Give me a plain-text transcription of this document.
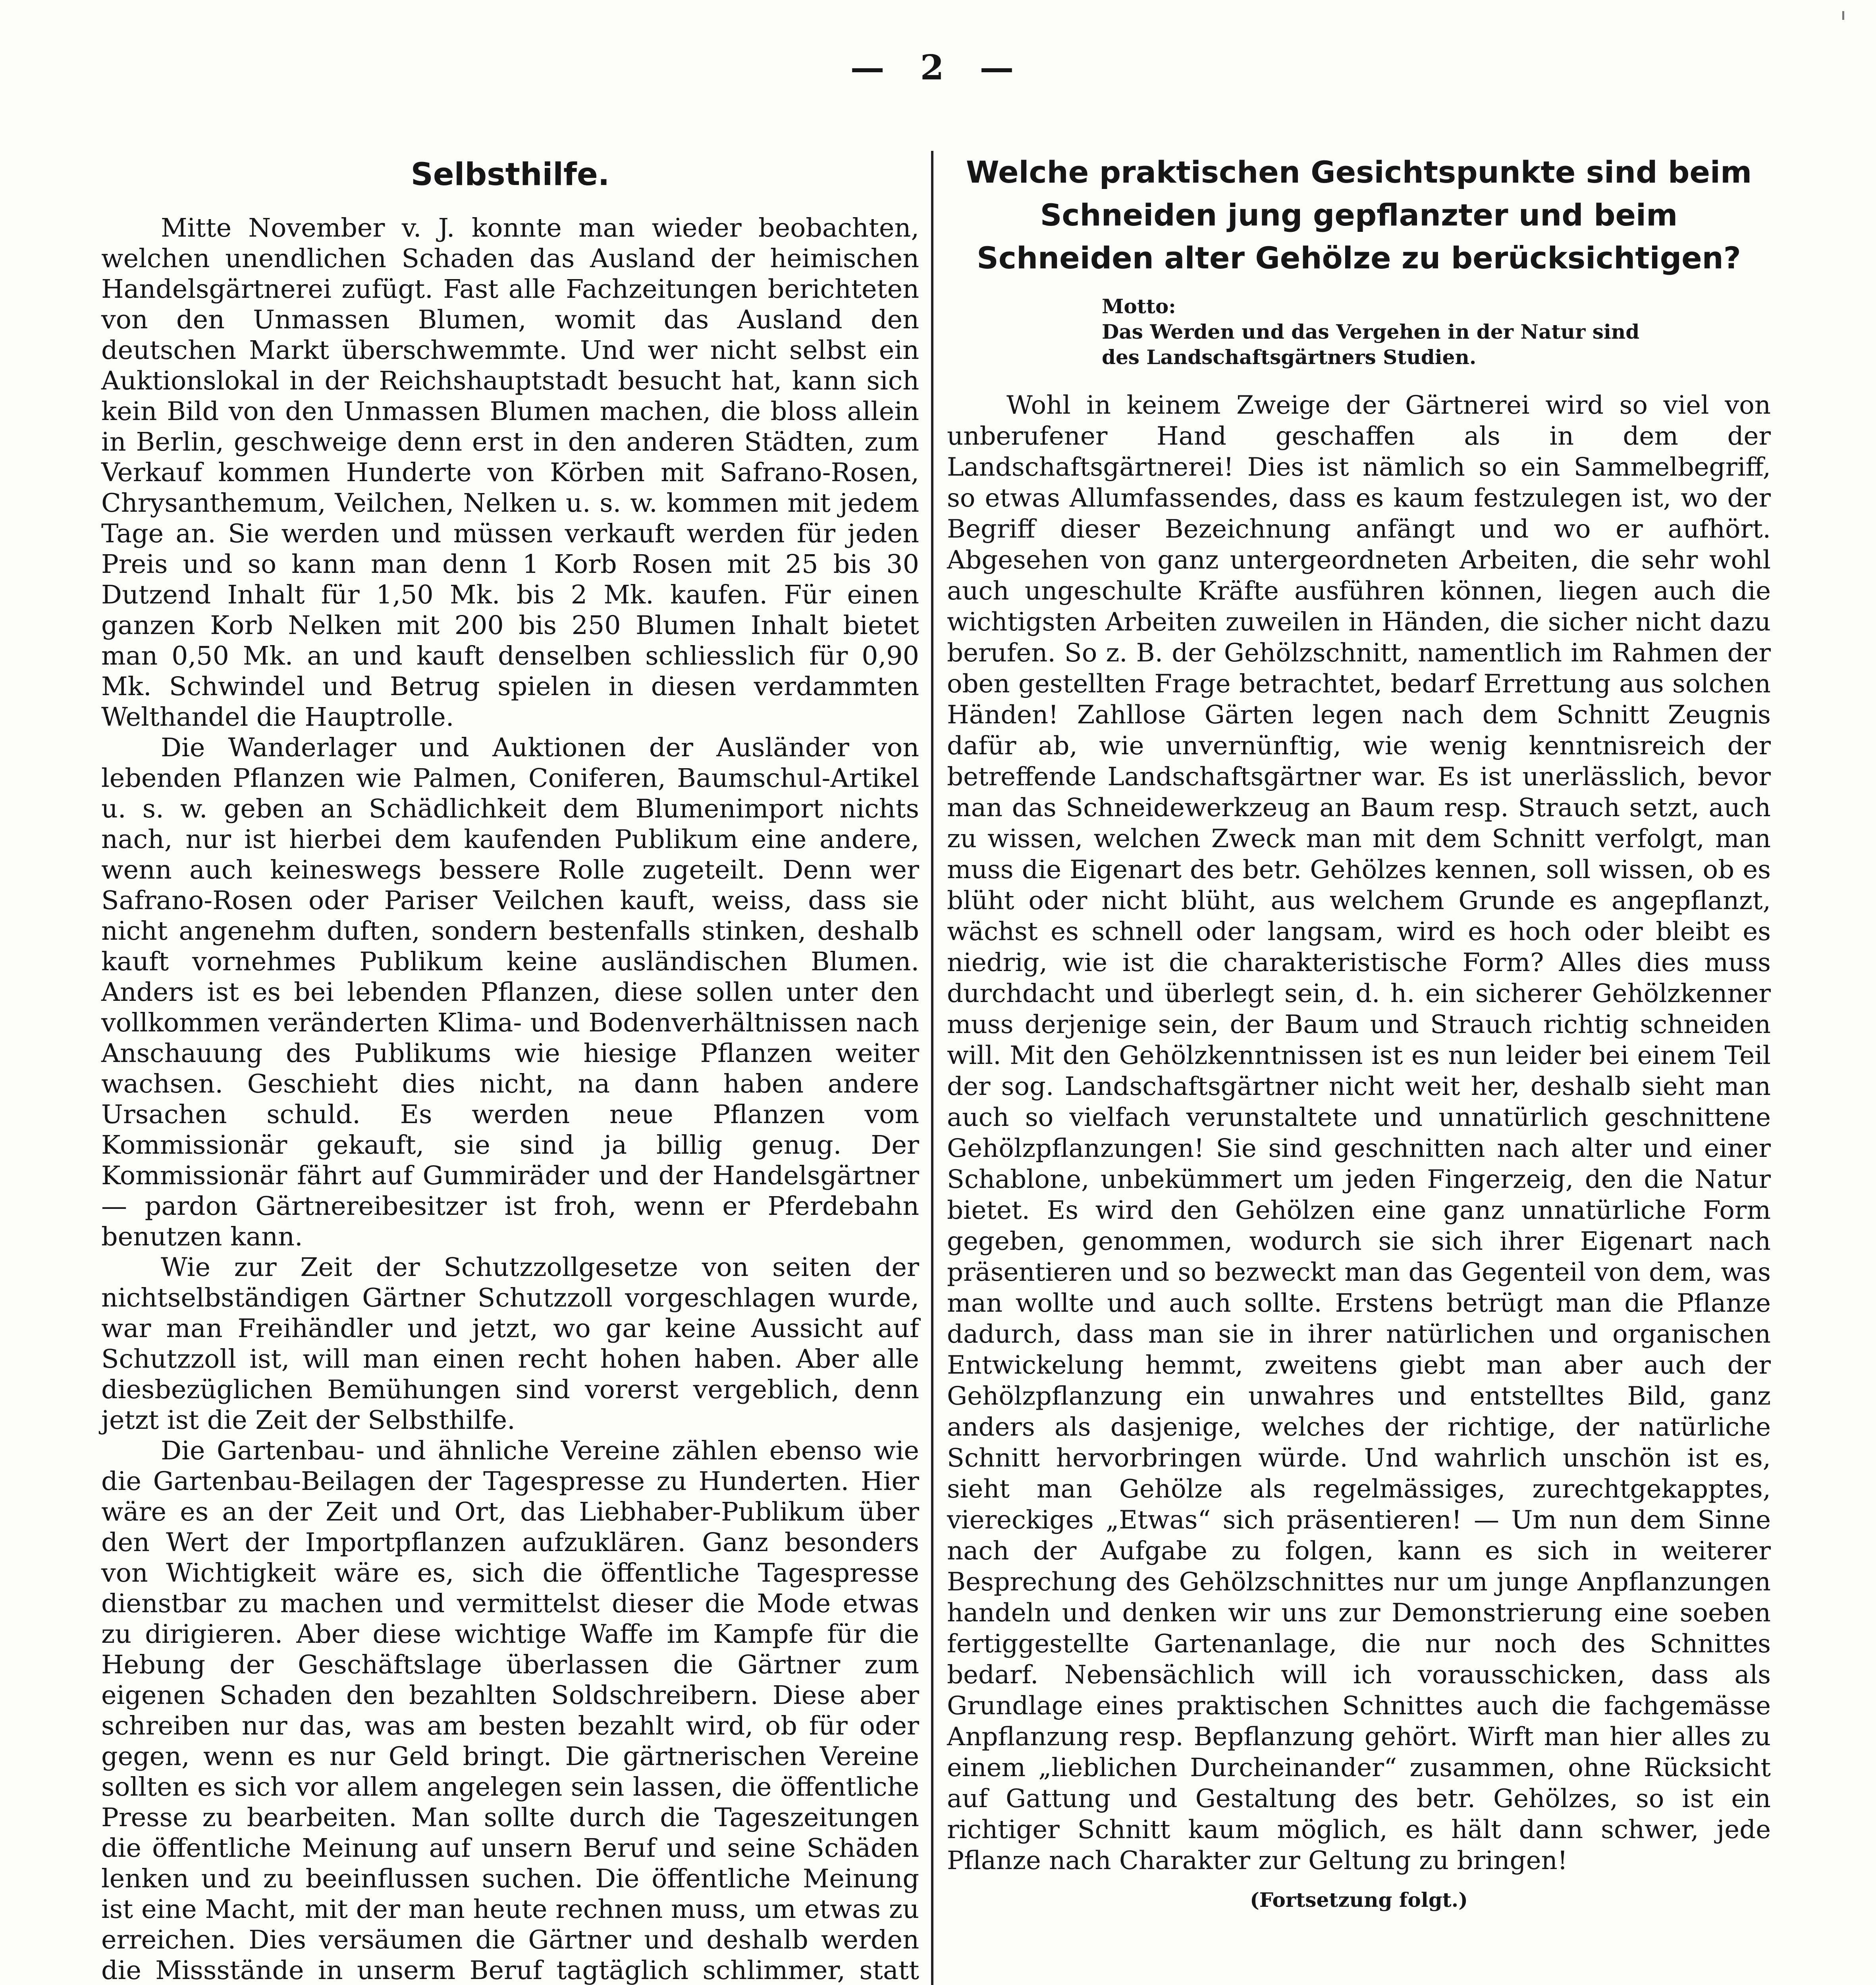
— 2 —
Selbsthilfe.

Mitte November v. J. konnte man wieder beobachten, welchen unendlichen Schaden das Ausland der heimischen Handelsgärtnerei zufügt. Fast alle Fachzeitungen berichteten von den Unmassen Blumen, womit das Ausland den deutschen Markt überschwemmte. Und wer nicht selbst ein Auktionslokal in der Reichshauptstadt besucht hat, kann sich kein Bild von den Unmassen Blumen machen, die bloss allein in Berlin, geschweige denn erst in den anderen Städten, zum Verkauf kommen Hunderte von Körben mit Safrano-Rosen, Chrysanthemum, Veilchen, Nelken u. s. w. kommen mit jedem Tage an. Sie werden und müssen verkauft werden für jeden Preis und so kann man denn 1 Korb Rosen mit 25 bis 30 Dutzend Inhalt für 1,50 Mk. bis 2 Mk. kaufen. Für einen ganzen Korb Nelken mit 200 bis 250 Blumen Inhalt bietet man 0,50 Mk. an und kauft denselben schliesslich für 0,90 Mk. Schwindel und Betrug spielen in diesen verdammten Welthandel die Hauptrolle.

Die Wanderlager und Auktionen der Ausländer von lebenden Pflanzen wie Palmen, Coniferen, Baumschul-Artikel u. s. w. geben an Schädlichkeit dem Blumenimport nichts nach, nur ist hierbei dem kaufenden Publikum eine andere, wenn auch keineswegs bessere Rolle zugeteilt. Denn wer Safrano-Rosen oder Pariser Veilchen kauft, weiss, dass sie nicht angenehm duften, sondern bestenfalls stinken, deshalb kauft vornehmes Publikum keine ausländischen Blumen. Anders ist es bei lebenden Pflanzen, diese sollen unter den vollkommen veränderten Klima- und Bodenverhältnissen nach Anschauung des Publikums wie hiesige Pflanzen weiter wachsen. Geschieht dies nicht, na dann haben andere Ursachen schuld. Es werden neue Pflanzen vom Kommissionär gekauft, sie sind ja billig genug. Der Kommissionär fährt auf Gummiräder und der Handelsgärtner — pardon Gärtnereibesitzer ist froh, wenn er Pferdebahn benutzen kann.

Wie zur Zeit der Schutzzollgesetze von seiten der nichtselbständigen Gärtner Schutzzoll vorgeschlagen wurde, war man Freihändler und jetzt, wo gar keine Aussicht auf Schutzzoll ist, will man einen recht hohen haben. Aber alle diesbezüglichen Bemühungen sind vorerst vergeblich, denn jetzt ist die Zeit der Selbsthilfe.

Die Gartenbau- und ähnliche Vereine zählen ebenso wie die Gartenbau-Beilagen der Tagespresse zu Hunderten. Hier wäre es an der Zeit und Ort, das Liebhaber-Publikum über den Wert der Importpflanzen aufzuklären. Ganz besonders von Wichtigkeit wäre es, sich die öffentliche Tagespresse dienstbar zu machen und vermittelst dieser die Mode etwas zu dirigieren. Aber diese wichtige Waffe im Kampfe für die Hebung der Geschäftslage überlassen die Gärtner zum eigenen Schaden den bezahlten Soldschreibern. Diese aber schreiben nur das, was am besten bezahlt wird, ob für oder gegen, wenn es nur Geld bringt. Die gärtnerischen Vereine sollten es sich vor allem angelegen sein lassen, die öffentliche Presse zu bearbeiten. Man sollte durch die Tageszeitungen die öffentliche Meinung auf unsern Beruf und seine Schäden lenken und zu beeinflussen suchen. Die öffentliche Meinung ist eine Macht, mit der man heute rechnen muss, um etwas zu erreichen. Dies versäumen die Gärtner und deshalb werden die Missstände in unserm Beruf tagtäglich schlimmer, statt

Welche praktischen Gesichtspunkte sind beim Schneiden jung gepflanzter und beim Schneiden alter Gehölze zu berücksichtigen?
Motto: Das Werden und das Vergehen in der Natur sind des Landschaftsgärtners Studien.

Wohl in keinem Zweige der Gärtnerei wird so viel von unberufener Hand geschaffen als in dem der Landschaftsgärtnerei! Dies ist nämlich so ein Sammelbegriff, so etwas Allumfassendes, dass es kaum festzulegen ist, wo der Begriff dieser Bezeichnung anfängt und wo er aufhört. Abgesehen von ganz untergeordneten Arbeiten, die sehr wohl auch ungeschulte Kräfte ausführen können, liegen auch die wichtigsten Arbeiten zuweilen in Händen, die sicher nicht dazu berufen. So z. B. der Gehölzschnitt, namentlich im Rahmen der oben gestellten Frage betrachtet, bedarf Errettung aus solchen Händen! Zahllose Gärten legen nach dem Schnitt Zeugnis dafür ab, wie unvernünftig, wie wenig kenntnisreich der betreffende Landschaftsgärtner war. Es ist unerlässlich, bevor man das Schneidewerkzeug an Baum resp. Strauch setzt, auch zu wissen, welchen Zweck man mit dem Schnitt verfolgt, man muss die Eigenart des betr. Gehölzes kennen, soll wissen, ob es blüht oder nicht blüht, aus welchem Grunde es angepflanzt, wächst es schnell oder langsam, wird es hoch oder bleibt es niedrig, wie ist die charakteristische Form? Alles dies muss durchdacht und überlegt sein, d. h. ein sicherer Gehölzkenner muss derjenige sein, der Baum und Strauch richtig schneiden will. Mit den Gehölzkenntnissen ist es nun leider bei einem Teil der sog. Landschaftsgärtner nicht weit her, deshalb sieht man auch so vielfach verunstaltete und unnatürlich geschnittene Gehölzpflanzungen! Sie sind geschnitten nach alter und einer Schablone, unbekümmert um jeden Fingerzeig, den die Natur bietet. Es wird den Gehölzen eine ganz unnatürliche Form gegeben, genommen, wodurch sie sich ihrer Eigenart nach präsentieren und so bezweckt man das Gegenteil von dem, was man wollte und auch sollte. Erstens betrügt man die Pflanze dadurch, dass man sie in ihrer natürlichen und organischen Entwickelung hemmt, zweitens giebt man aber auch der Gehölzpflanzung ein unwahres und entstelltes Bild, ganz anders als dasjenige, welches der richtige, der natürliche Schnitt hervorbringen würde. Und wahrlich unschön ist es, sieht man Gehölze als regelmässiges, zurechtgekapptes, viereckiges „Etwas“ sich präsentieren! — Um nun dem Sinne nach der Aufgabe zu folgen, kann es sich in weiterer Besprechung des Gehölzschnittes nur um junge Anpflanzungen handeln und denken wir uns zur Demonstrierung eine soeben fertiggestellte Gartenanlage, die nur noch des Schnittes bedarf. Nebensächlich will ich vorausschicken, dass als Grundlage eines praktischen Schnittes auch die fachgemässe Anpflanzung resp. Bepflanzung gehört. Wirft man hier alles zu einem „lieblichen Durcheinander“ zusammen, ohne Rücksicht auf Gattung und Gestaltung des betr. Gehölzes, so ist ein richtiger Schnitt kaum möglich, es hält dann schwer, jede Pflanze nach Charakter zur Geltung zu bringen!

(Fortsetzung folgt.)
